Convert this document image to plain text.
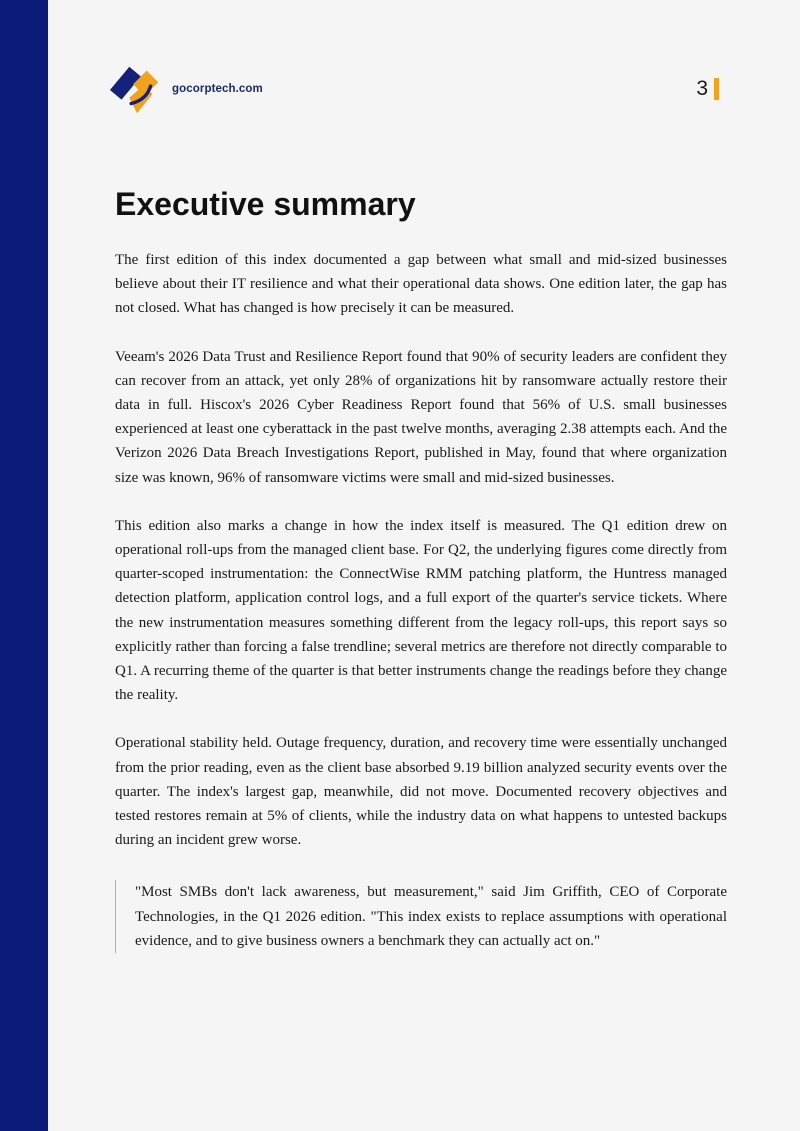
gocorptech.com	3
Executive summary

The first edition of this index documented a gap between what small and mid-sized businesses believe about their IT resilience and what their operational data shows. One edition later, the gap has not closed. What has changed is how precisely it can be measured.

Veeam's 2026 Data Trust and Resilience Report found that 90% of security leaders are confident they can recover from an attack, yet only 28% of organizations hit by ransomware actually restore their data in full. Hiscox's 2026 Cyber Readiness Report found that 56% of U.S. small businesses experienced at least one cyberattack in the past twelve months, averaging 2.38 attempts each. And the Verizon 2026 Data Breach Investigations Report, published in May, found that where organization size was known, 96% of ransomware victims were small and mid-sized businesses.

This edition also marks a change in how the index itself is measured. The Q1 edition drew on operational roll-ups from the managed client base. For Q2, the underlying figures come directly from quarter-scoped instrumentation: the ConnectWise RMM patching platform, the Huntress managed detection platform, application control logs, and a full export of the quarter's service tickets. Where the new instrumentation measures something different from the legacy roll-ups, this report says so explicitly rather than forcing a false trendline; several metrics are therefore not directly comparable to Q1. A recurring theme of the quarter is that better instruments change the readings before they change the reality.

Operational stability held. Outage frequency, duration, and recovery time were essentially unchanged from the prior reading, even as the client base absorbed 9.19 billion analyzed security events over the quarter. The index's largest gap, meanwhile, did not move. Documented recovery objectives and tested restores remain at 5% of clients, while the industry data on what happens to untested backups during an incident grew worse.

"Most SMBs don't lack awareness, but measurement," said Jim Griffith, CEO of Corporate Technologies, in the Q1 2026 edition. "This index exists to replace assumptions with operational evidence, and to give business owners a benchmark they can actually act on."
